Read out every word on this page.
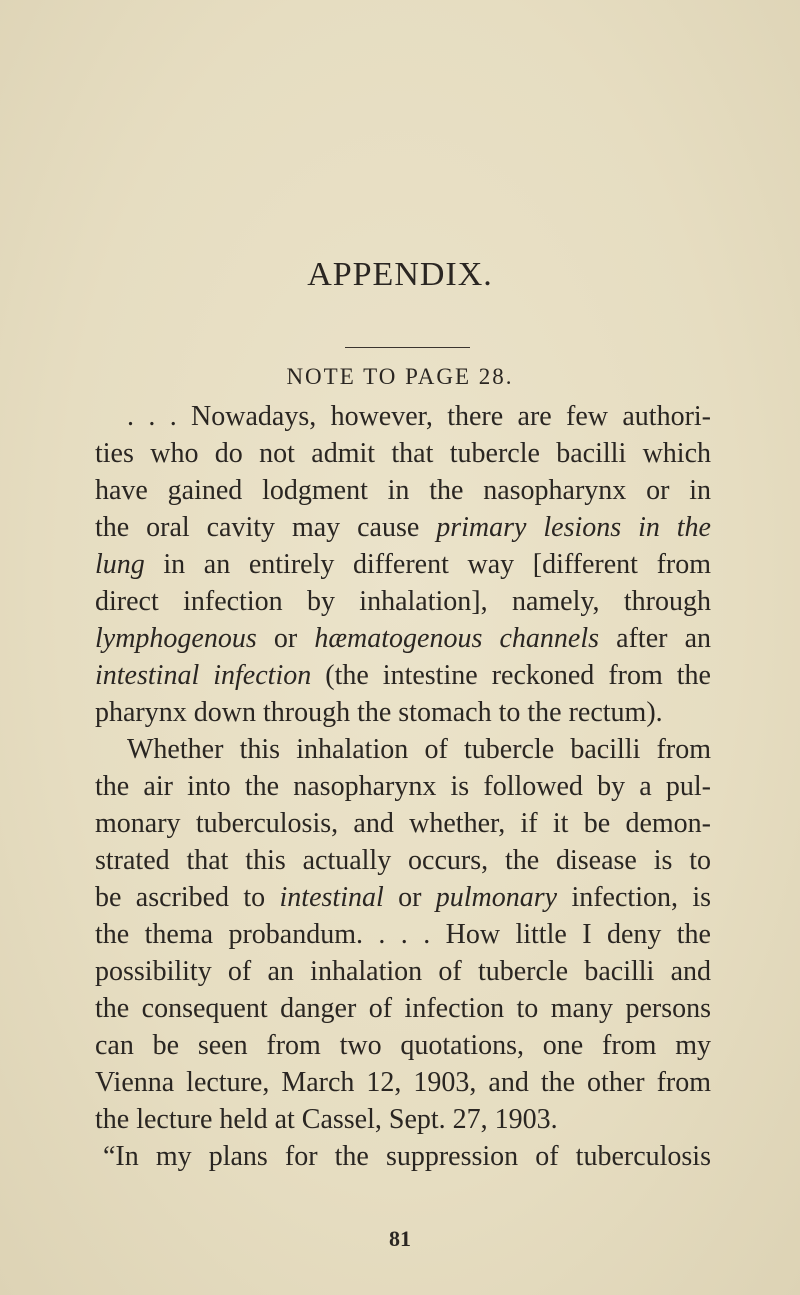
APPENDIX.
NOTE TO PAGE 28.
. . . Nowadays, however, there are few authori-
ties who do not admit that tubercle bacilli which
have gained lodgment in the nasopharynx or in
the oral cavity may cause primary lesions in the
lung in an entirely different way [different from
direct infection by inhalation], namely, through
lymphogenous or hæmatogenous channels after an
intestinal infection (the intestine reckoned from the
pharynx down through the stomach to the rectum).
Whether this inhalation of tubercle bacilli from
the air into the nasopharynx is followed by a pul-
monary tuberculosis, and whether, if it be demon-
strated that this actually occurs, the disease is to
be ascribed to intestinal or pulmonary infection, is
the thema probandum. . . . How little I deny the
possibility of an inhalation of tubercle bacilli and
the consequent danger of infection to many persons
can be seen from two quotations, one from my
Vienna lecture, March 12, 1903, and the other from
the lecture held at Cassel, Sept. 27, 1903.
“In my plans for the suppression of tuberculosis
81
